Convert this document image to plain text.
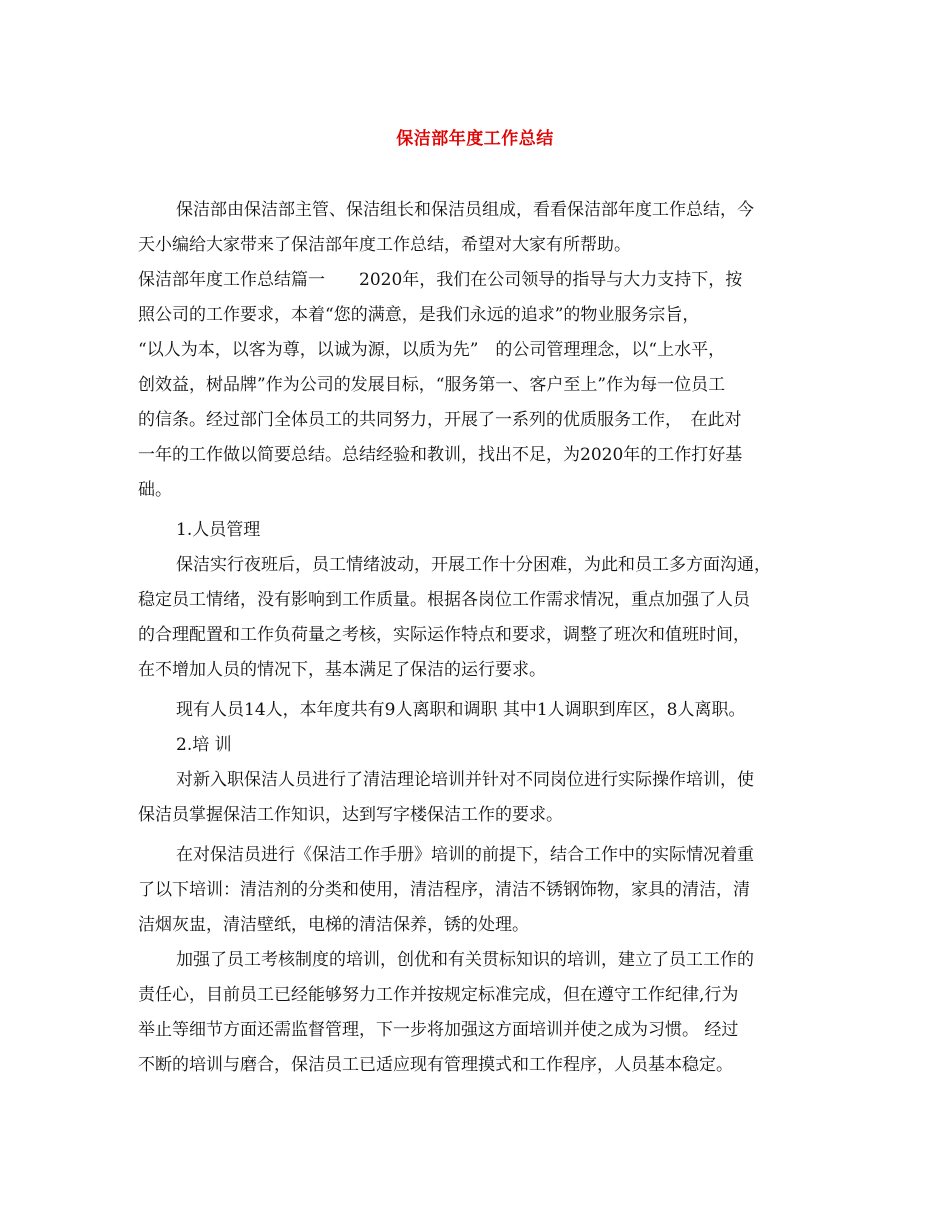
保洁部年度工作总结
保洁部由保洁部主管、保洁组长和保洁员组成，看看保洁部年度工作总结，今
天小编给大家带来了保洁部年度工作总结，希望对大家有所帮助。
保洁部年度工作总结篇一　　2020年，我们在公司领导的指导与大力支持下，按
照公司的工作要求，本着“您的满意，是我们永远的追求”的物业服务宗旨，
“以人为本，以客为尊，以诚为源，以质为先”　的公司管理理念，以“上水平，
创效益，树品牌”作为公司的发展目标，“服务第一、客户至上”作为每一位员工
的信条。经过部门全体员工的共同努力，开展了一系列的优质服务工作，　在此对
一年的工作做以简要总结。总结经验和教训，找出不足，为2020年的工作打好基
础。
1.人员管理
保洁实行夜班后，员工情绪波动，开展工作十分困难，为此和员工多方面沟通，
稳定员工情绪，没有影响到工作质量。根据各岗位工作需求情况，重点加强了人员
的合理配置和工作负荷量之考核，实际运作特点和要求，调整了班次和值班时间，
在不增加人员的情况下，基本满足了保洁的运行要求。
现有人员14人，本年度共有9人离职和调职 其中1人调职到库区，8人离职。
2.培 训
对新入职保洁人员进行了清洁理论培训并针对不同岗位进行实际操作培训，使
保洁员掌握保洁工作知识，达到写字楼保洁工作的要求。
在对保洁员进行《保洁工作手册》培训的前提下，结合工作中的实际情况着重
了以下培训：清洁剂的分类和使用，清洁程序，清洁不锈钢饰物，家具的清洁，清
洁烟灰盅，清洁壁纸，电梯的清洁保养，锈的处理。
加强了员工考核制度的培训，创优和有关贯标知识的培训，建立了员工工作的
责任心，目前员工已经能够努力工作并按规定标准完成，但在遵守工作纪律,行为
举止等细节方面还需监督管理，下一步将加强这方面培训并使之成为习惯。 经过
不断的培训与磨合，保洁员工已适应现有管理摸式和工作程序，人员基本稳定。
